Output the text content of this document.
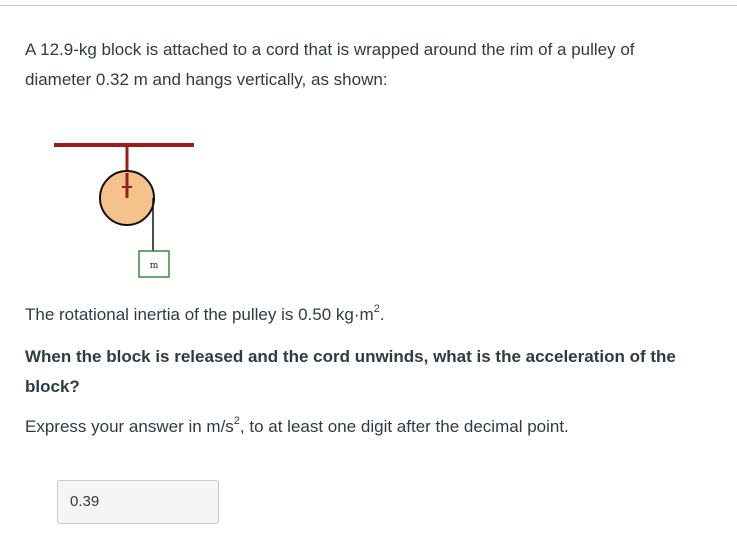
A 12.9-kg block is attached to a cord that is wrapped around the rim of a pulley of diameter 0.32 m and hangs vertically, as shown:

m

The rotational inertia of the pulley is 0.50 $kg\cdot m^2$.

When the block is released and the cord unwinds, what is the acceleration of the block?

Express your answer in $m/s^2$, to at least one digit after the decimal point.

0.39
